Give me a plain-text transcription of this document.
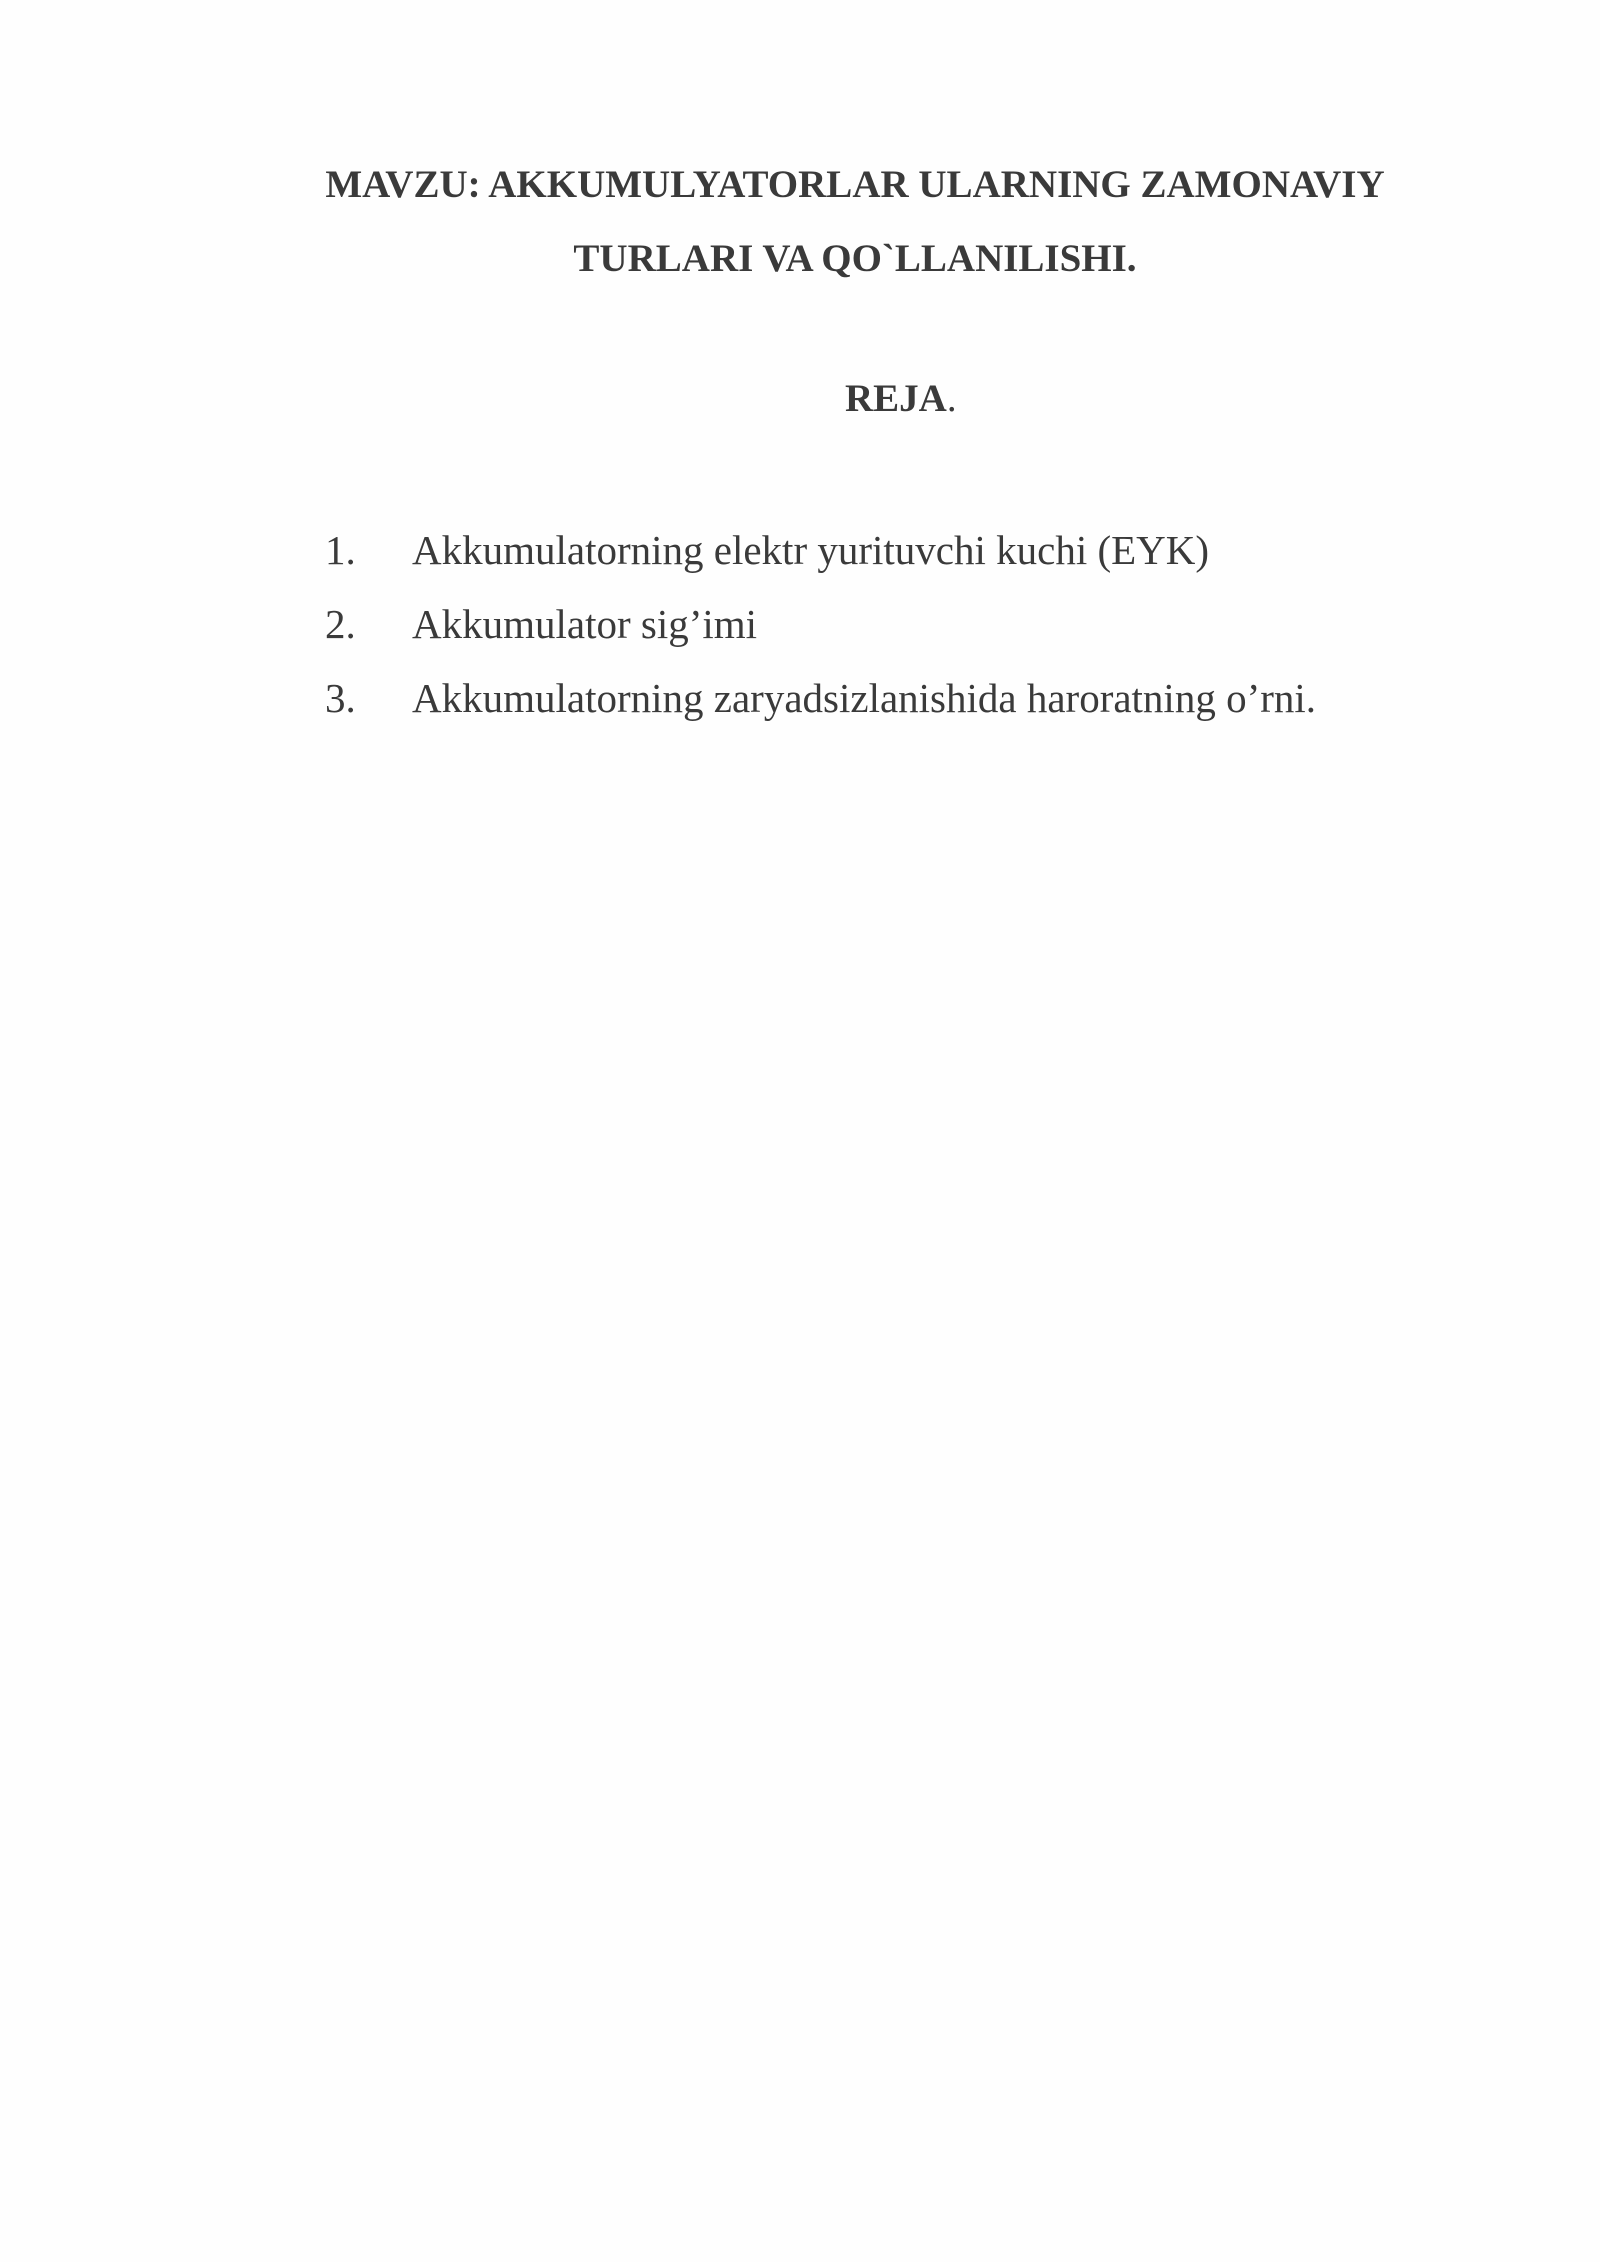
MAVZU: AKKUMULYATORLAR ULARNING ZAMONAVIY
TURLARI VA QO`LLANILISHI.
REJA.
1. Akkumulatorning elektr yurituvchi kuchi (EYK)
2. Akkumulator sig’imi
3. Akkumulatorning zaryadsizlanishida haroratning o’rni.
